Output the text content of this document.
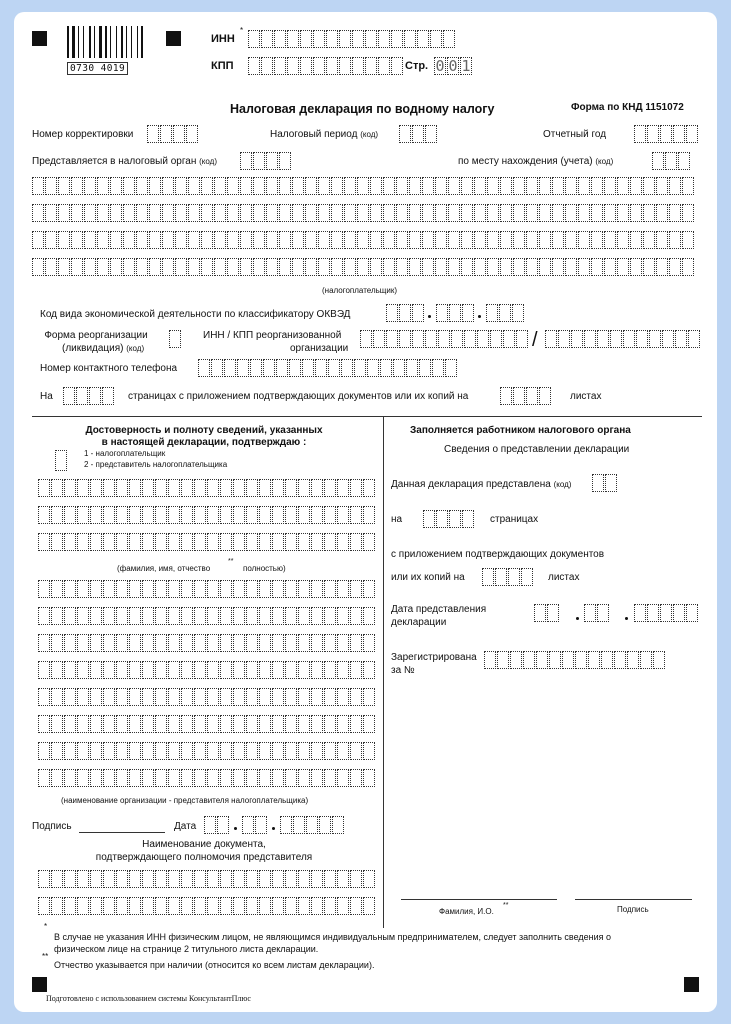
0730 4019
ИНН
*
КПП	Стр. 0 0 1
Налоговая декларация по водному налогу	Форма по КНД 1151072
Номер корректировки	Налоговый период (код)	Отчетный год
Представляется в налоговый орган (код)	по месту нахождения (учета) (код)
(налогоплательщик)
Код вида экономической деятельности по классификатору ОКВЭД
Форма реорганизации
(ликвидация) (код)
ИНН / КПП реорганизованной
организации	/
Номер контактного телефона
На	страницах с приложением подтверждающих документов или их копий на	листах
Достоверность и полноту сведений, указанных
в настоящей декларации, подтверждаю :
1 - налогоплательщик
2 - представитель налогоплательщика
(фамилия, имя, отчество
**
полностью)
(наименование организации - представителя налогоплательщика)
Подпись	Дата
Наименование документа,
подтверждающего полномочия представителя
Заполняется работником налогового органа
Сведения о представлении декларации
Данная декларация представлена (код)
на	страницах
с приложением подтверждающих документов
или их копий на	листах
Дата представления
декларации
Зарегистрирована
за №
Фамилия, И.О.
**	Подпись
*
В случае не указания ИНН физическим лицом, не являющимся индивидуальным предпринимателем, следует заполнить сведения о
физическом лице на странице 2 титульного листа декларации.
**
Отчество указывается при наличии (относится ко всем листам декларации).
Подготовлено с использованием системы КонсультантПлюс
